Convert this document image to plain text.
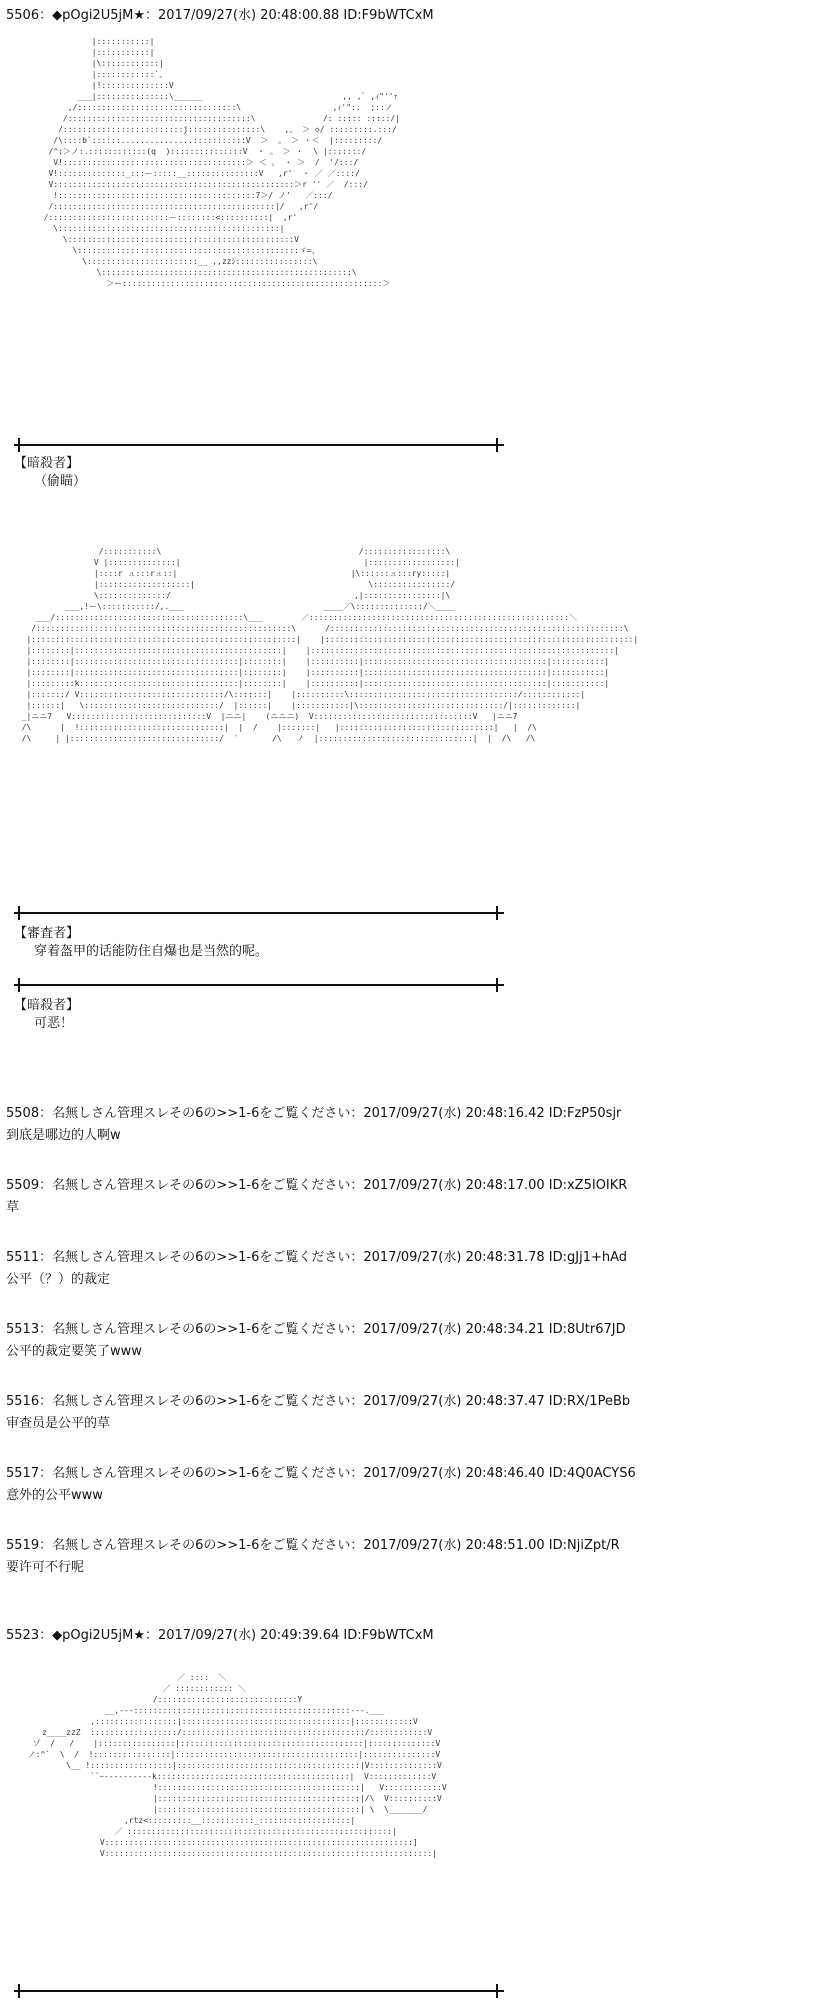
5506：◆pOgi2U5jM★：2017/09/27(水) 20:48:00.88 ID:F9bWTCxM
|:::::::::::|
|:::::::::::|
|\::::::::::::|
|::::::::::::`、
|!::::::::::::::V
___|:::::::::::::::\______                             ,, ,ﾞ ,ｨ"''ｧ
,/:::::::::::::::::::::::::::::::::\                   ,ｨ'":.  ;::ノ
/::::::::::::::::::::::::::::::::::::::\              /: ::::: :::::/|
/:::::::::::::::::::::::::j:::::::::::::::\    ,、 ＞ ◇/ :::::::::.:::/
/\::::b`::::::...............:::::::::::V  ＞  。 ＞ ・＜  |:::::::::/
/^:＞ノ:.::::::::::::(q  ):::::::::::::::V  ・ 。 ＞ ・  \ |:::::::/
V!::::::::::::::::::::::::::::::::::::::＞ ＜ 。 ・ ＞  /  '/:::/
V!::::::::::::::_:::ー:::::__:::::::::::::::V   ,r'  ・ ／ ／::::/
V::::::::::::::::::::::::::::::::::::::::::::::::::＞r '' ／  /:::/
!:::::::::::::::::::::::::::::::::::::::::7＞/ ノ'   ／:::/
/::::::::::::::::::::::::::::::::::::::::::::::|/   ,r'/
/:::::::::::::::::::::::::ー::::::::<::::::::::|  ,r'
\::::::::::::::::::::::::::::::::::::::::::::::|
\:::::::::::::::::::::::::::::::::::::::::::::::V
\::::::::::::::::::::::::::::::::::::::::::::::ゞ=、
\:::::::::::::::::::::::__ ,,zzｼ::::::::::::::::\
\::::::::::::::::::::::::::::::::::::::::::::::::::::\
＞ー::::::::::::::::::::::::::::::::::::::::::::::::::::::＞
【暗殺者】
（偷瞄）
/:::::::::::\                                         /:::::::::::::::::\
V |::::::::::::::|                                      |::::::::::::::::::|
|::::r ュ:::rュ::|                                    |\::::::ュ:::ry:::::|
|:::::::::::::::::::|                                    \::::::::::::::::/
\::::::::::::::/                                      ,|::::::::::::::::|\
___,!ー\:::::::::::/,.___                             ____／\::::::::::::::/＼____
___/:::::::::::::::::::::::::::::::::::::::\___        ／::::::::::::::::::::::::::::::::::::::::::::::::::::::＼
/:::::::::::::::::::::::::::::::::::::::::::::::::::::\      /:::::::::::::::::::::::::::::::::::::::::::::::::::::::::::::\
|:::::::::::::::::::::::::::::::::::::::::::::::::::::::|    |::::::::::::::::::::::::::::::::::::::::::::::::::::::::::::::::|
|::::::::|:::::::::::::::::::::::::::::::::::::::::::|    |:::::::::::::::::::::::::::::::::::::::::::::::::::::::::::::::|
|::::::::|::::::::::::::::::::::::::::::::::|::::::::|    |::::::::::|::::::::::::::::::::::::::::::::::::::|:::::::::::|
|::::::::|::::::::::::::::::::::::::::::::::|::::::::|    |::::::::::|::::::::::::::::::::::::::::::::::::::|:::::::::::|
|:::::::::k:::::::::::::::::::::::::::::::::|::::::::|    |::::::::::|::::::::::::::::::::::::::::::::::::::|:::::::::::|
|:::::::/ V::::::::::::::::::::::::::::::/\:::::::|    |::::::::::\:::::::::::::::::::::::::::::::::::/::::::::::::|
|::::::|   \::::::::::::::::::::::::::::/  |::::::|    |:::::::::::|\::::::::::::::::::::::::::::::/|:::::::::::::|
_|ニニ7   V::::::::::::::::::::::::::::V  |ニニ|    (ニニニ)  V:::::::::::::::::::::::::::::::::V   |ニニ7
/\      |  !::::::::::::::::::::::::::::::|  |  /    |:::::::|   |::::::::::::::::::::::::::::::::|   |  /\
/\     | |:::::::::::::::::::::::::::::::/  ′       /\   ノ  |::::::::::::::::::::::::::::::::|  |  /\   /\
【審査者】
穿着盔甲的话能防住自爆也是当然的呢。
【暗殺者】
可恶！
5508：名無しさん管理スレその6の>>1-6をご覧ください：2017/09/27(水) 20:48:16.42 ID:FzP50sjr
到底是哪边的人啊w
5509：名無しさん管理スレその6の>>1-6をご覧ください：2017/09/27(水) 20:48:17.00 ID:xZ5IOIKR
草
5511：名無しさん管理スレその6の>>1-6をご覧ください：2017/09/27(水) 20:48:31.78 ID:gJj1+hAd
公平（？）的裁定
5513：名無しさん管理スレその6の>>1-6をご覧ください：2017/09/27(水) 20:48:34.21 ID:8Utr67JD
公平的裁定要笑了www
5516：名無しさん管理スレその6の>>1-6をご覧ください：2017/09/27(水) 20:48:37.47 ID:RX/1PeBb
审查员是公平的草
5517：名無しさん管理スレその6の>>1-6をご覧ください：2017/09/27(水) 20:48:46.40 ID:4Q0ACYS6
意外的公平www
5519：名無しさん管理スレその6の>>1-6をご覧ください：2017/09/27(水) 20:48:51.00 ID:NjiZpt/R
要许可不行呢
5523：◆pOgi2U5jM★：2017/09/27(水) 20:49:39.64 ID:F9bWTCxM
／ ::::  ＼
／ :::::::::::: ＼
/:::::::::::::::::::::::::::::Y
__,---:::::::::::::::::::::::::::::::::::::::::::::---.___
,:::::::::::::::::|:::::::::::::::::::::::::::::::::::|::::::::::::V
z____zzZ  ::::::::::::::::::/::::::::::::::::::::::::::::::::::::::/::::::::::::V
ゾ  /   /    |::::::::::::::::|::::::::::::::::::::::::::::::::::::::|::::::::::::::V
ノ:^`  \  /  !::::::::::::::::|::::::::::::::::::::::::::::::::::::::|:::::::::::::::V
\__ !:::::::::::::::::|::::::::::::::::::::::::::::::::::::::|V::::::::::::::V
``ｰ----------k::::::::::::::::::::::::::::::::::::::::|  V:::::::::::::V
!::::::::::::::::::::::::::::::::::::::::::|   V::::::::::::V
|::::::::::::::::::::::::::::::::::::::::::|/\  V::::::::::V
|::::::::::::::::::::::::::::::::::::::::::| \  \_______/
,rtz<:::::::::__:::::::::::_:::::::::::::::::::|
／ :::::::::::::::::::::::::::::::::::::::::::::::::::::::|
V::::::::::::::::::::::::::::::::::::::::::::::::::::::::::::::::]
V::::::::::::::::::::::::::::::::::::::::::::::::::::::::::::::::::::|
